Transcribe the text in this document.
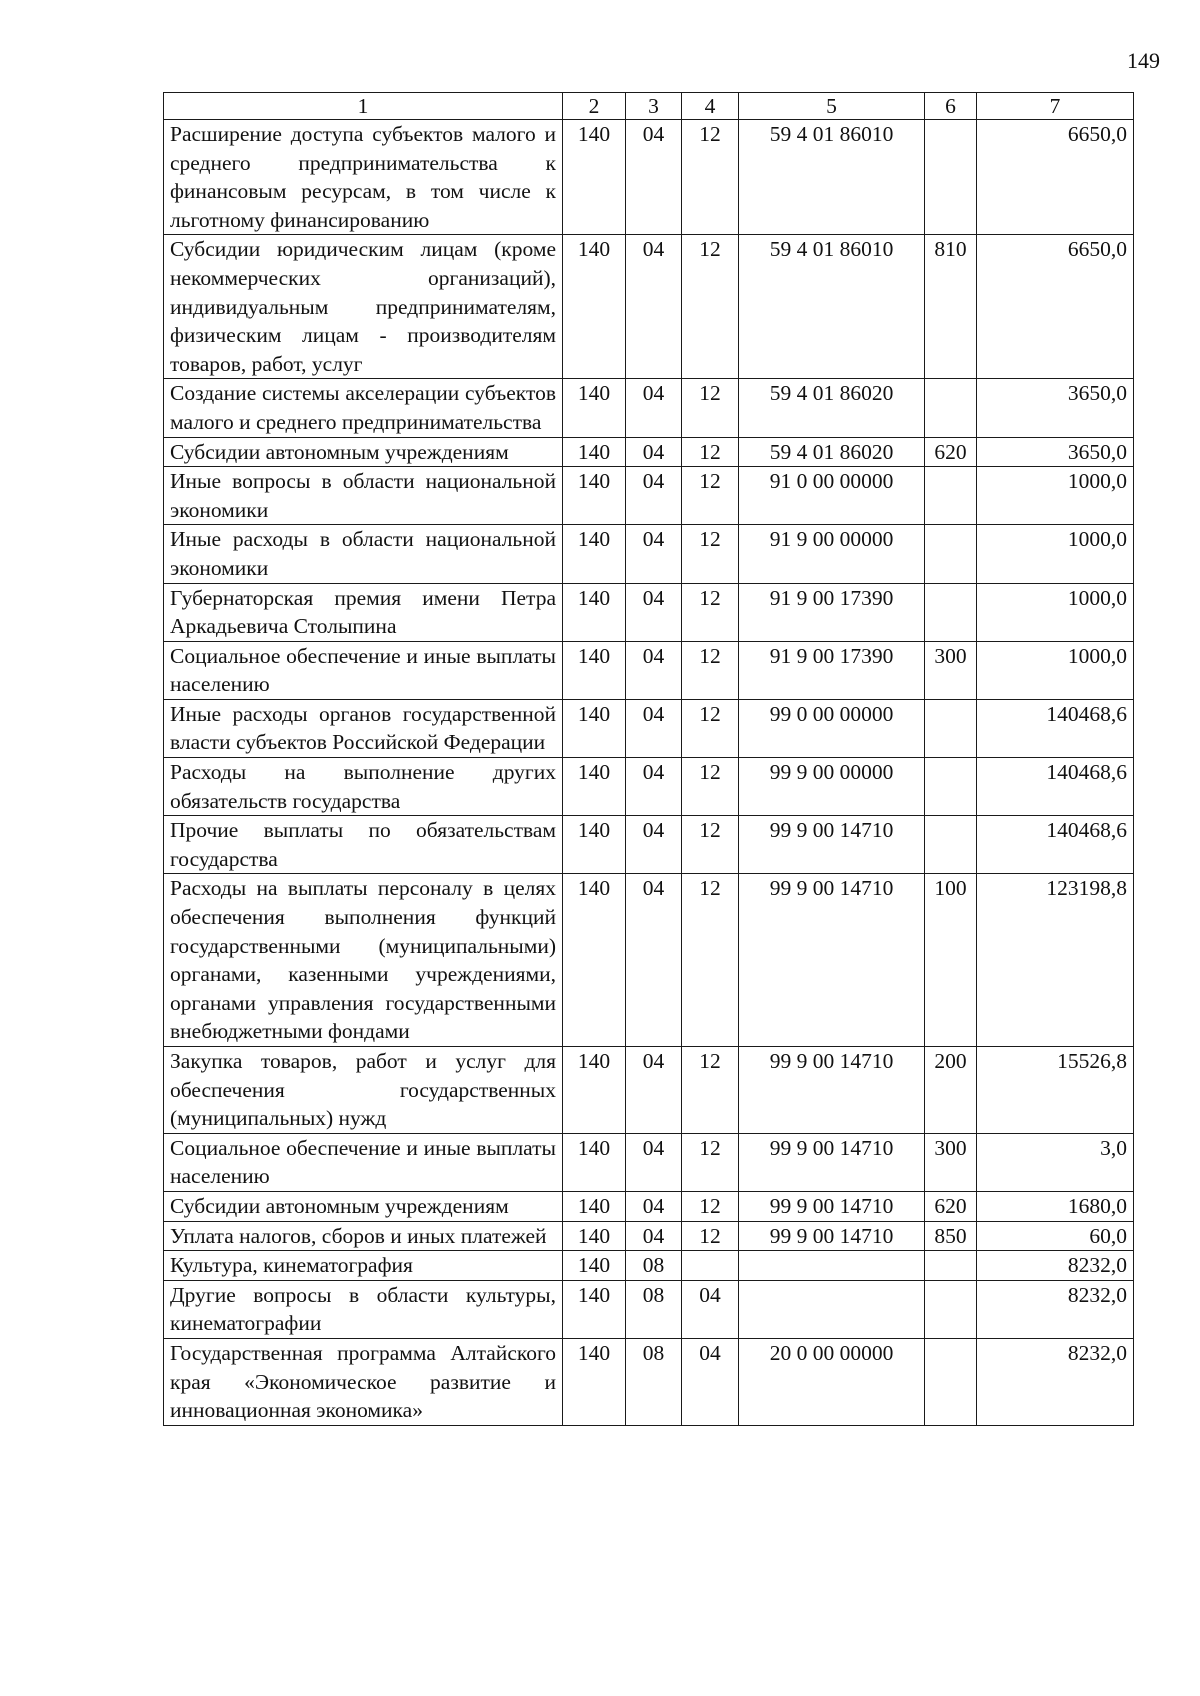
149
1	2	3	4	5	6	7
Расширение доступа субъектов малого и среднего предпринимательства к финансовым ресурсам, в том числе к льготному финансированию	140	04	12	59 4 01 86010		6650,0
Субсидии юридическим лицам (кроме некоммерческих организаций), индивидуальным предпринимателям, физическим лицам - производителям товаров, работ, услуг	140	04	12	59 4 01 86010	810	6650,0
Создание системы акселерации субъектов малого и среднего предпринимательства	140	04	12	59 4 01 86020		3650,0
Субсидии автономным учреждениям	140	04	12	59 4 01 86020	620	3650,0
Иные вопросы в области национальной экономики	140	04	12	91 0 00 00000		1000,0
Иные расходы в области национальной экономики	140	04	12	91 9 00 00000		1000,0
Губернаторская премия имени Петра Аркадьевича Столыпина	140	04	12	91 9 00 17390		1000,0
Социальное обеспечение и иные выплаты населению	140	04	12	91 9 00 17390	300	1000,0
Иные расходы органов государственной власти субъектов Российской Федерации	140	04	12	99 0 00 00000		140468,6
Расходы на выполнение других обязательств государства	140	04	12	99 9 00 00000		140468,6
Прочие выплаты по обязательствам государства	140	04	12	99 9 00 14710		140468,6
Расходы на выплаты персоналу в целях обеспечения выполнения функций государственными (муниципальными) органами, казенными учреждениями, органами управления государственными внебюджетными фондами	140	04	12	99 9 00 14710	100	123198,8
Закупка товаров, работ и услуг для обеспечения государственных (муниципальных) нужд	140	04	12	99 9 00 14710	200	15526,8
Социальное обеспечение и иные выплаты населению	140	04	12	99 9 00 14710	300	3,0
Субсидии автономным учреждениям	140	04	12	99 9 00 14710	620	1680,0
Уплата налогов, сборов и иных платежей	140	04	12	99 9 00 14710	850	60,0
Культура, кинематография	140	08				8232,0
Другие вопросы в области культуры, кинематографии	140	08	04			8232,0
Государственная программа Алтайского края «Экономическое развитие и инновационная экономика»	140	08	04	20 0 00 00000		8232,0
